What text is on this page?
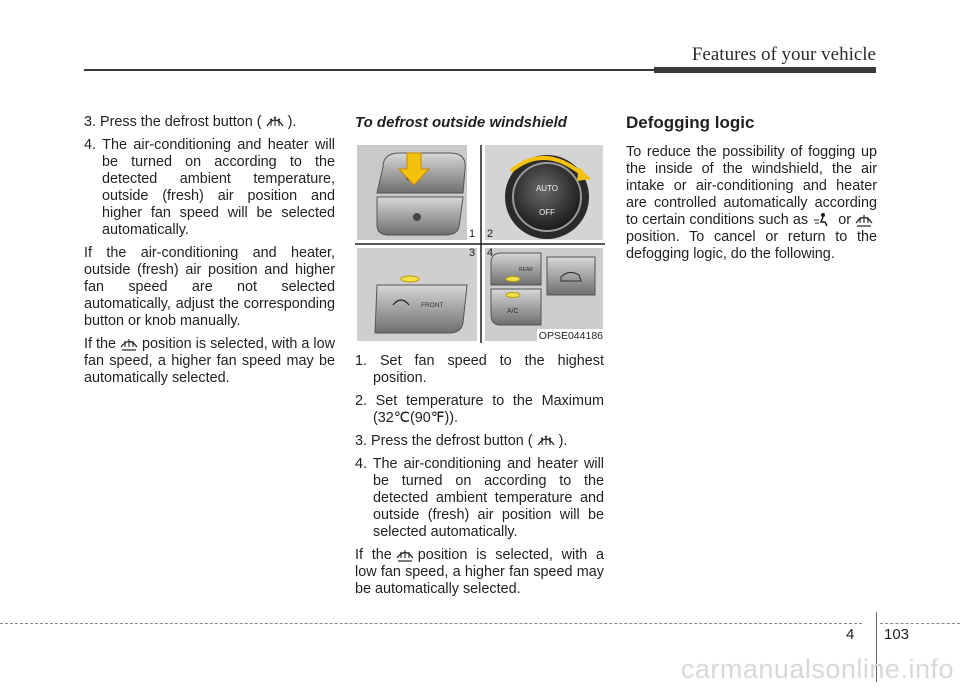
Features of your vehicle

3. Press the defrost button ( ).

4. The air-conditioning and heater will be turned on according to the detected ambient temperature, outside (fresh) air position and higher fan speed will be selected automatically.

If the air-conditioning and heater, outside (fresh) air position and higher fan speed are not selected automatically, adjust the corresponding button or knob manually.

If the position is selected, with a low fan speed, a higher fan speed may be automatically selected.

To defrost outside windshield
AUTO
OFF
FRONT
REAR
A/C
1 2
3 4
OPSE044186

1. Set fan speed to the highest position.

2. Set temperature to the Maximum (32℃(90℉)).

3. Press the defrost button ( ).

4. The air-conditioning and heater will be turned on according to the detected ambient temperature and outside (fresh) air position will be selected automatically.

If the position is selected, with a low fan speed, a higher fan speed may be automatically selected.

Defogging logic

To reduce the possibility of fogging up the inside of the windshield, the air intake or air-conditioning and heater are controlled automatically according to certain conditions such as orposition. To cancel or return to the defogging logic, do the following.

4 103
carmanualsonline.info
